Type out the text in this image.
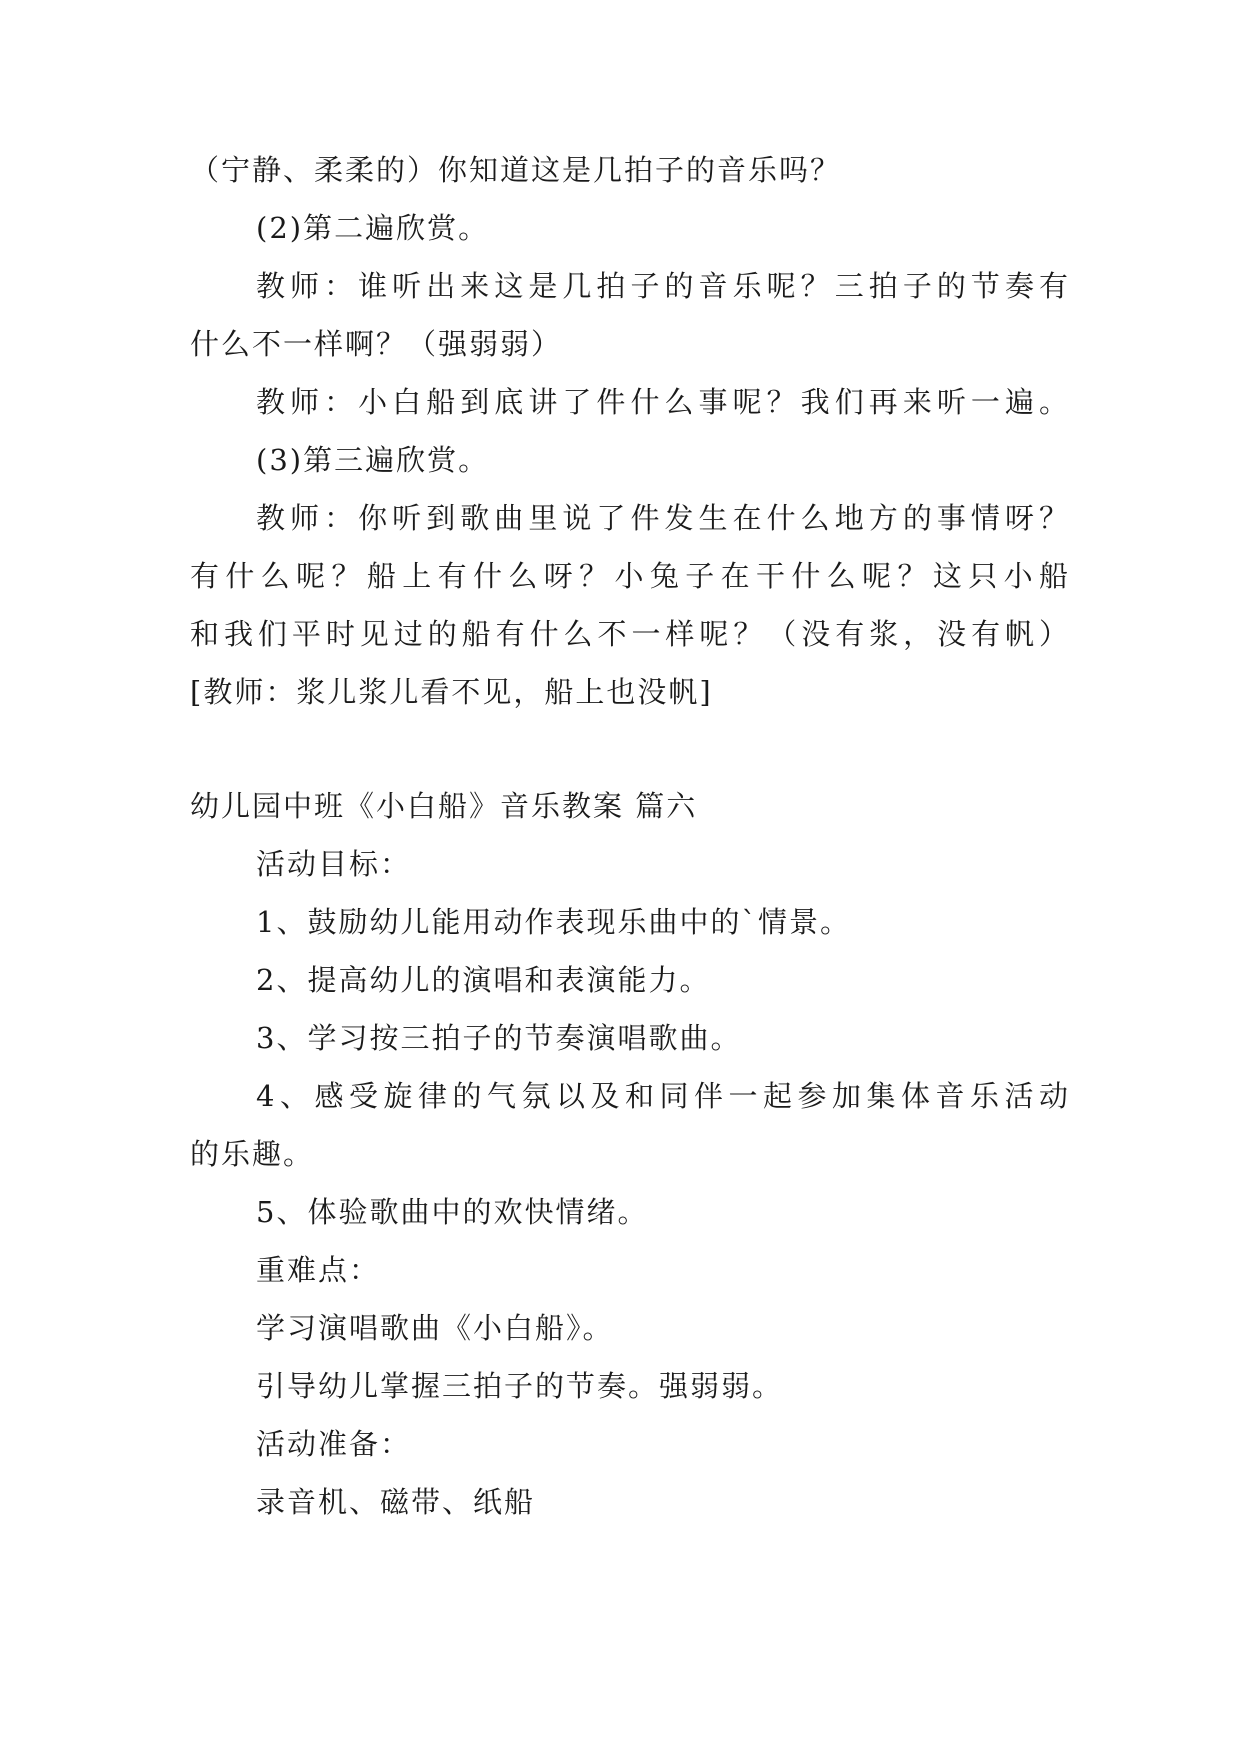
（宁静、柔柔的）你知道这是几拍子的音乐吗？
(2)第二遍欣赏。
教师：谁听出来这是几拍子的音乐呢？三拍子的节奏有
什么不一样啊？（强弱弱）
教师：小白船到底讲了件什么事呢？我们再来听一遍。
(3)第三遍欣赏。
教师：你听到歌曲里说了件发生在什么地方的事情呀？
有什么呢？船上有什么呀？小兔子在干什么呢？这只小船
和我们平时见过的船有什么不一样呢？（没有浆，没有帆）
[教师：浆儿浆儿看不见，船上也没帆]
幼儿园中班《小白船》音乐教案 篇六
活动目标：
1、鼓励幼儿能用动作表现乐曲中的`情景。
2、提高幼儿的演唱和表演能力。
3、学习按三拍子的节奏演唱歌曲。
4、感受旋律的气氛以及和同伴一起参加集体音乐活动
的乐趣。
5、体验歌曲中的欢快情绪。
重难点：
学习演唱歌曲《小白船》。
引导幼儿掌握三拍子的节奏。强弱弱。
活动准备：
录音机、磁带、纸船
